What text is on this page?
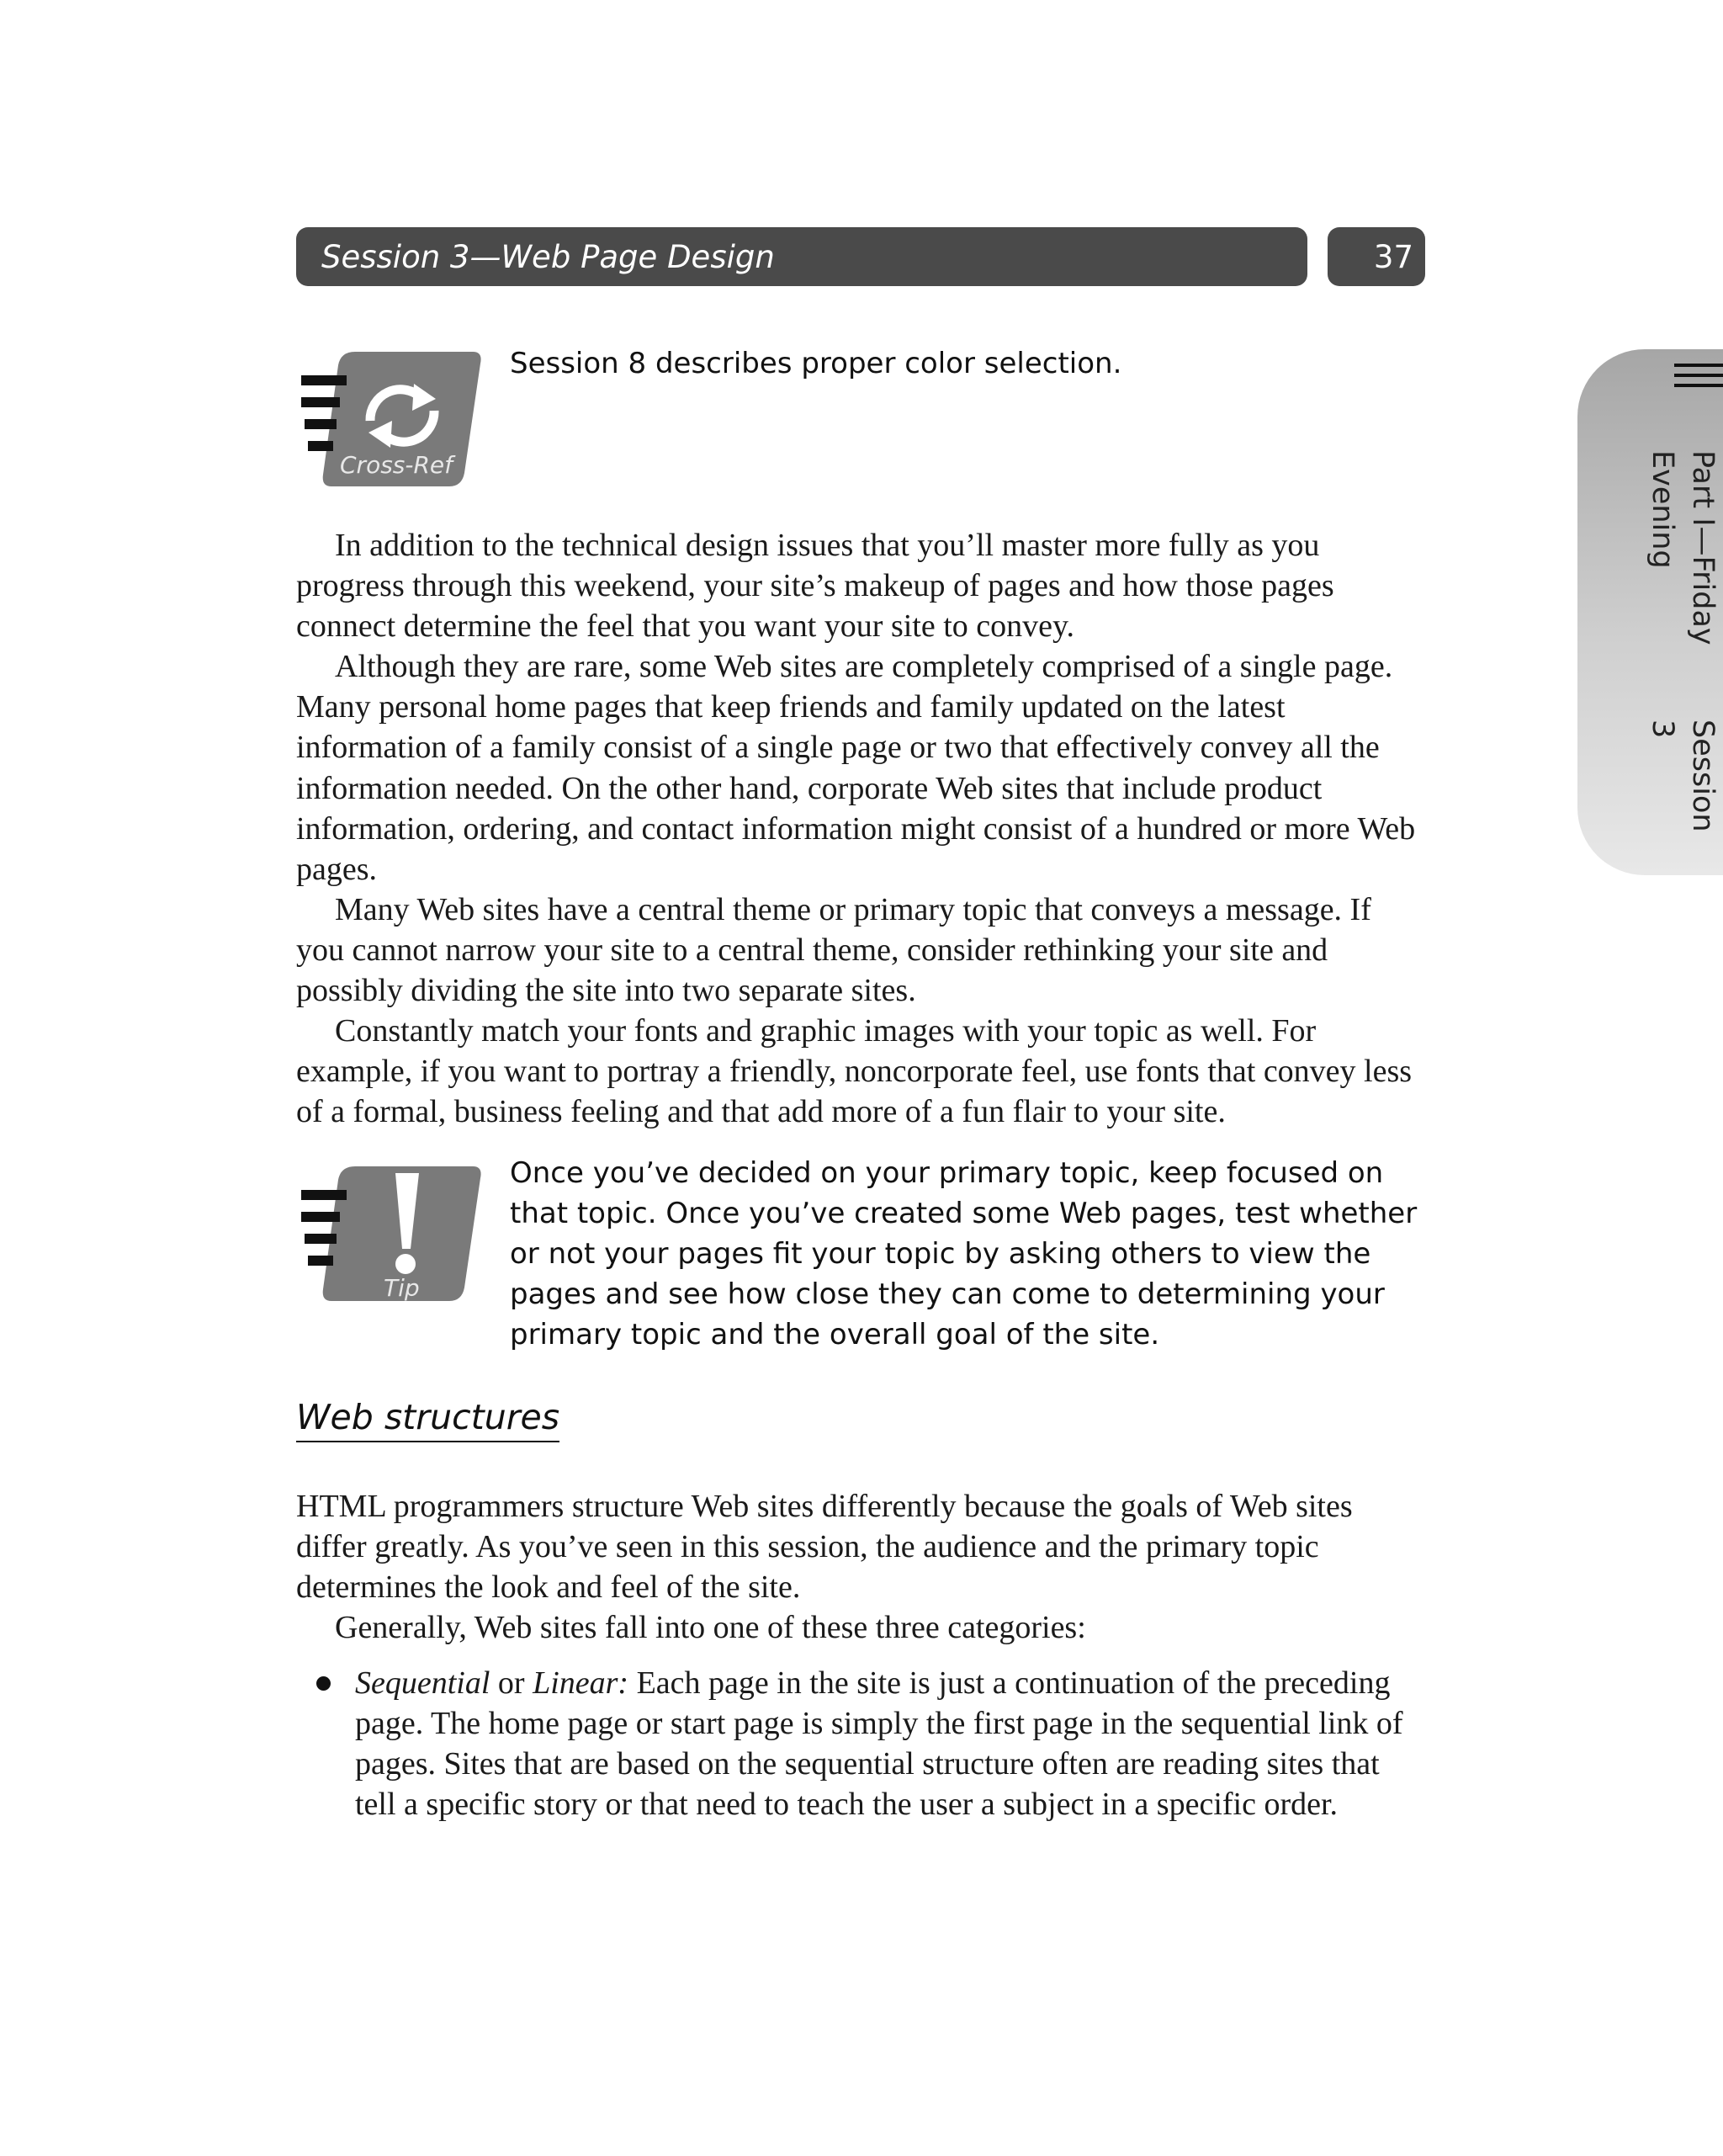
Session 3—Web Page Design	37
Part I—Friday Evening
Session 3
Cross-Ref
Session 8 describes proper color selection.

In addition to the technical design issues that you’ll master more fully as you progress through this weekend, your site’s makeup of pages and how those pages connect determine the feel that you want your site to convey.

Although they are rare, some Web sites are completely comprised of a single page. Many personal home pages that keep friends and family updated on the latest information of a family consist of a single page or two that effectively convey all the information needed. On the other hand, corporate Web sites that include product information, ordering, and contact information might consist of a hundred or more Web pages.

Many Web sites have a central theme or primary topic that conveys a message. If you cannot narrow your site to a central theme, consider rethinking your site and possibly dividing the site into two separate sites.

Constantly match your fonts and graphic images with your topic as well. For example, if you want to portray a friendly, noncorporate feel, use fonts that convey less of a formal, business feeling and that add more of a fun flair to your site.

Tip
Once you’ve decided on your primary topic, keep focused on that topic. Once you’ve created some Web pages, test whether or not your pages fit your topic by asking others to view the pages and see how close they can come to determining your primary topic and the overall goal of the site.
Web structures

HTML programmers structure Web sites differently because the goals of Web sites differ greatly. As you’ve seen in this session, the audience and the primary topic determines the look and feel of the site.

Generally, Web sites fall into one of these three categories:

Sequential or Linear: Each page in the site is just a continuation of the preceding page. The home page or start page is simply the first page in the sequential link of pages. Sites that are based on the sequential structure often are reading sites that tell a specific story or that need to teach the user a subject in a specific order.
